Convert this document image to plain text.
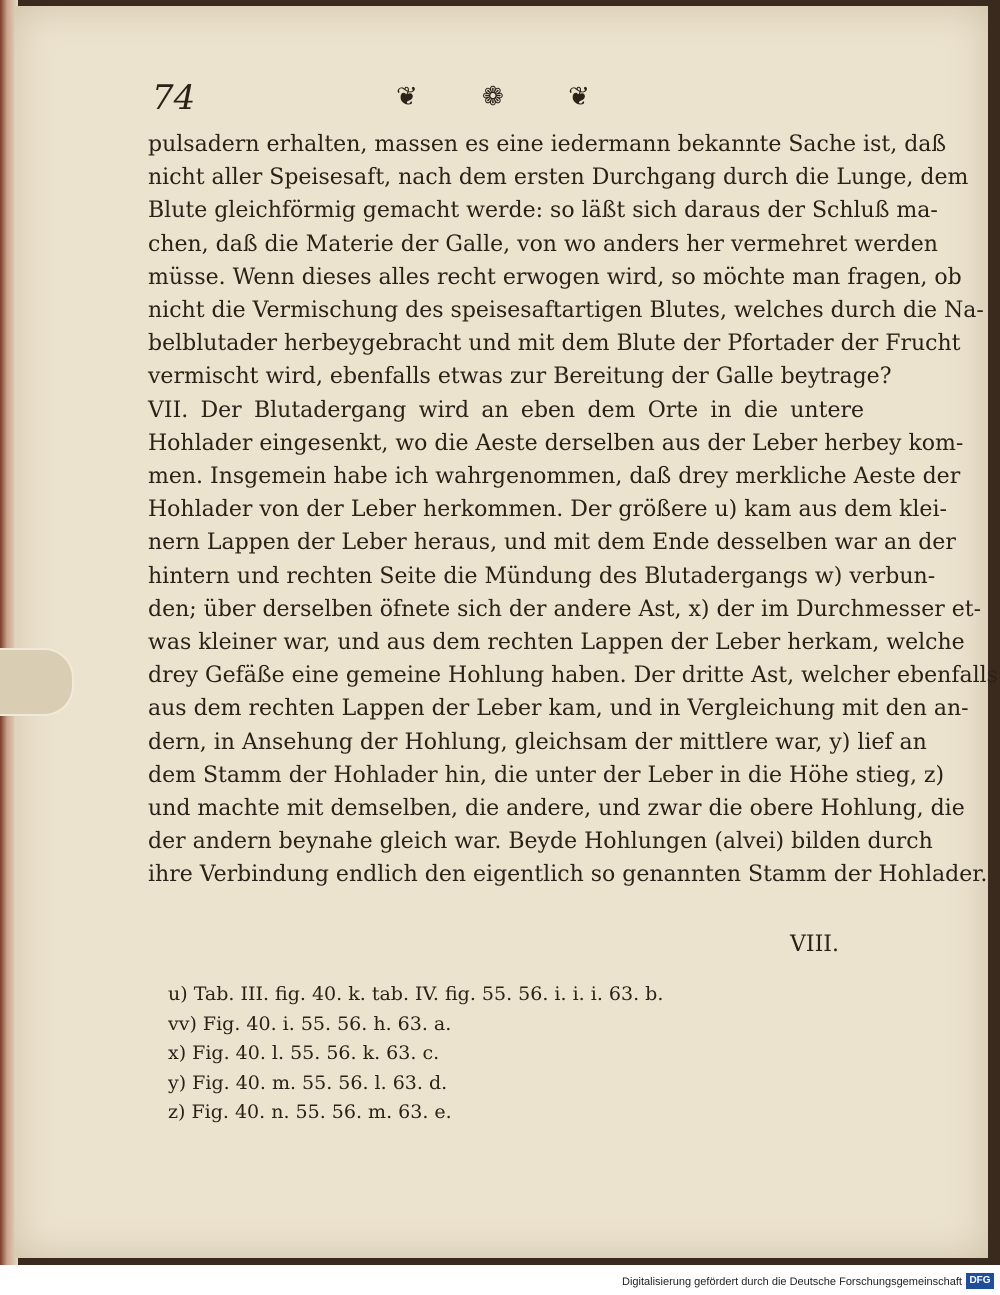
74	❦ ❁ ❦
pulsadern erhalten, massen es eine iedermann bekannte Sache ist, daß
nicht aller Speisesaft, nach dem ersten Durchgang durch die Lunge, dem
Blute gleichförmig gemacht werde: so läßt sich daraus der Schluß ma-
chen, daß die Materie der Galle, von wo anders her vermehret werden
müsse. Wenn dieses alles recht erwogen wird, so möchte man fragen, ob
nicht die Vermischung des speisesaftartigen Blutes, welches durch die Na-
belblutader herbeygebracht und mit dem Blute der Pfortader der Frucht
vermischt wird, ebenfalls etwas zur Bereitung der Galle beytrage?
VII. Der Blutadergang wird an eben dem Orte in die untere
Hohlader eingesenkt, wo die Aeste derselben aus der Leber herbey kom-
men. Insgemein habe ich wahrgenommen, daß drey merkliche Aeste der
Hohlader von der Leber herkommen. Der größere u) kam aus dem klei-
nern Lappen der Leber heraus, und mit dem Ende desselben war an der
hintern und rechten Seite die Mündung des Blutadergangs w) verbun-
den; über derselben öfnete sich der andere Ast, x) der im Durchmesser et-
was kleiner war, und aus dem rechten Lappen der Leber herkam, welche
drey Gefäße eine gemeine Hohlung haben. Der dritte Ast, welcher ebenfalls
aus dem rechten Lappen der Leber kam, und in Vergleichung mit den an-
dern, in Ansehung der Hohlung, gleichsam der mittlere war, y) lief an
dem Stamm der Hohlader hin, die unter der Leber in die Höhe stieg, z)
und machte mit demselben, die andere, und zwar die obere Hohlung, die
der andern beynahe gleich war. Beyde Hohlungen (alvei) bilden durch
ihre Verbindung endlich den eigentlich so genannten Stamm der Hohlader.
VIII.
u) Tab. III. fig. 40. k. tab. IV. fig. 55. 56. i. i. i. 63. b.
vv) Fig. 40. i. 55. 56. h. 63. a.
x) Fig. 40. l. 55. 56. k. 63. c.
y) Fig. 40. m. 55. 56. l. 63. d.
z) Fig. 40. n. 55. 56. m. 63. e.
Digitalisierung gefördert durch die Deutsche Forschungsgemeinschaft DFG
